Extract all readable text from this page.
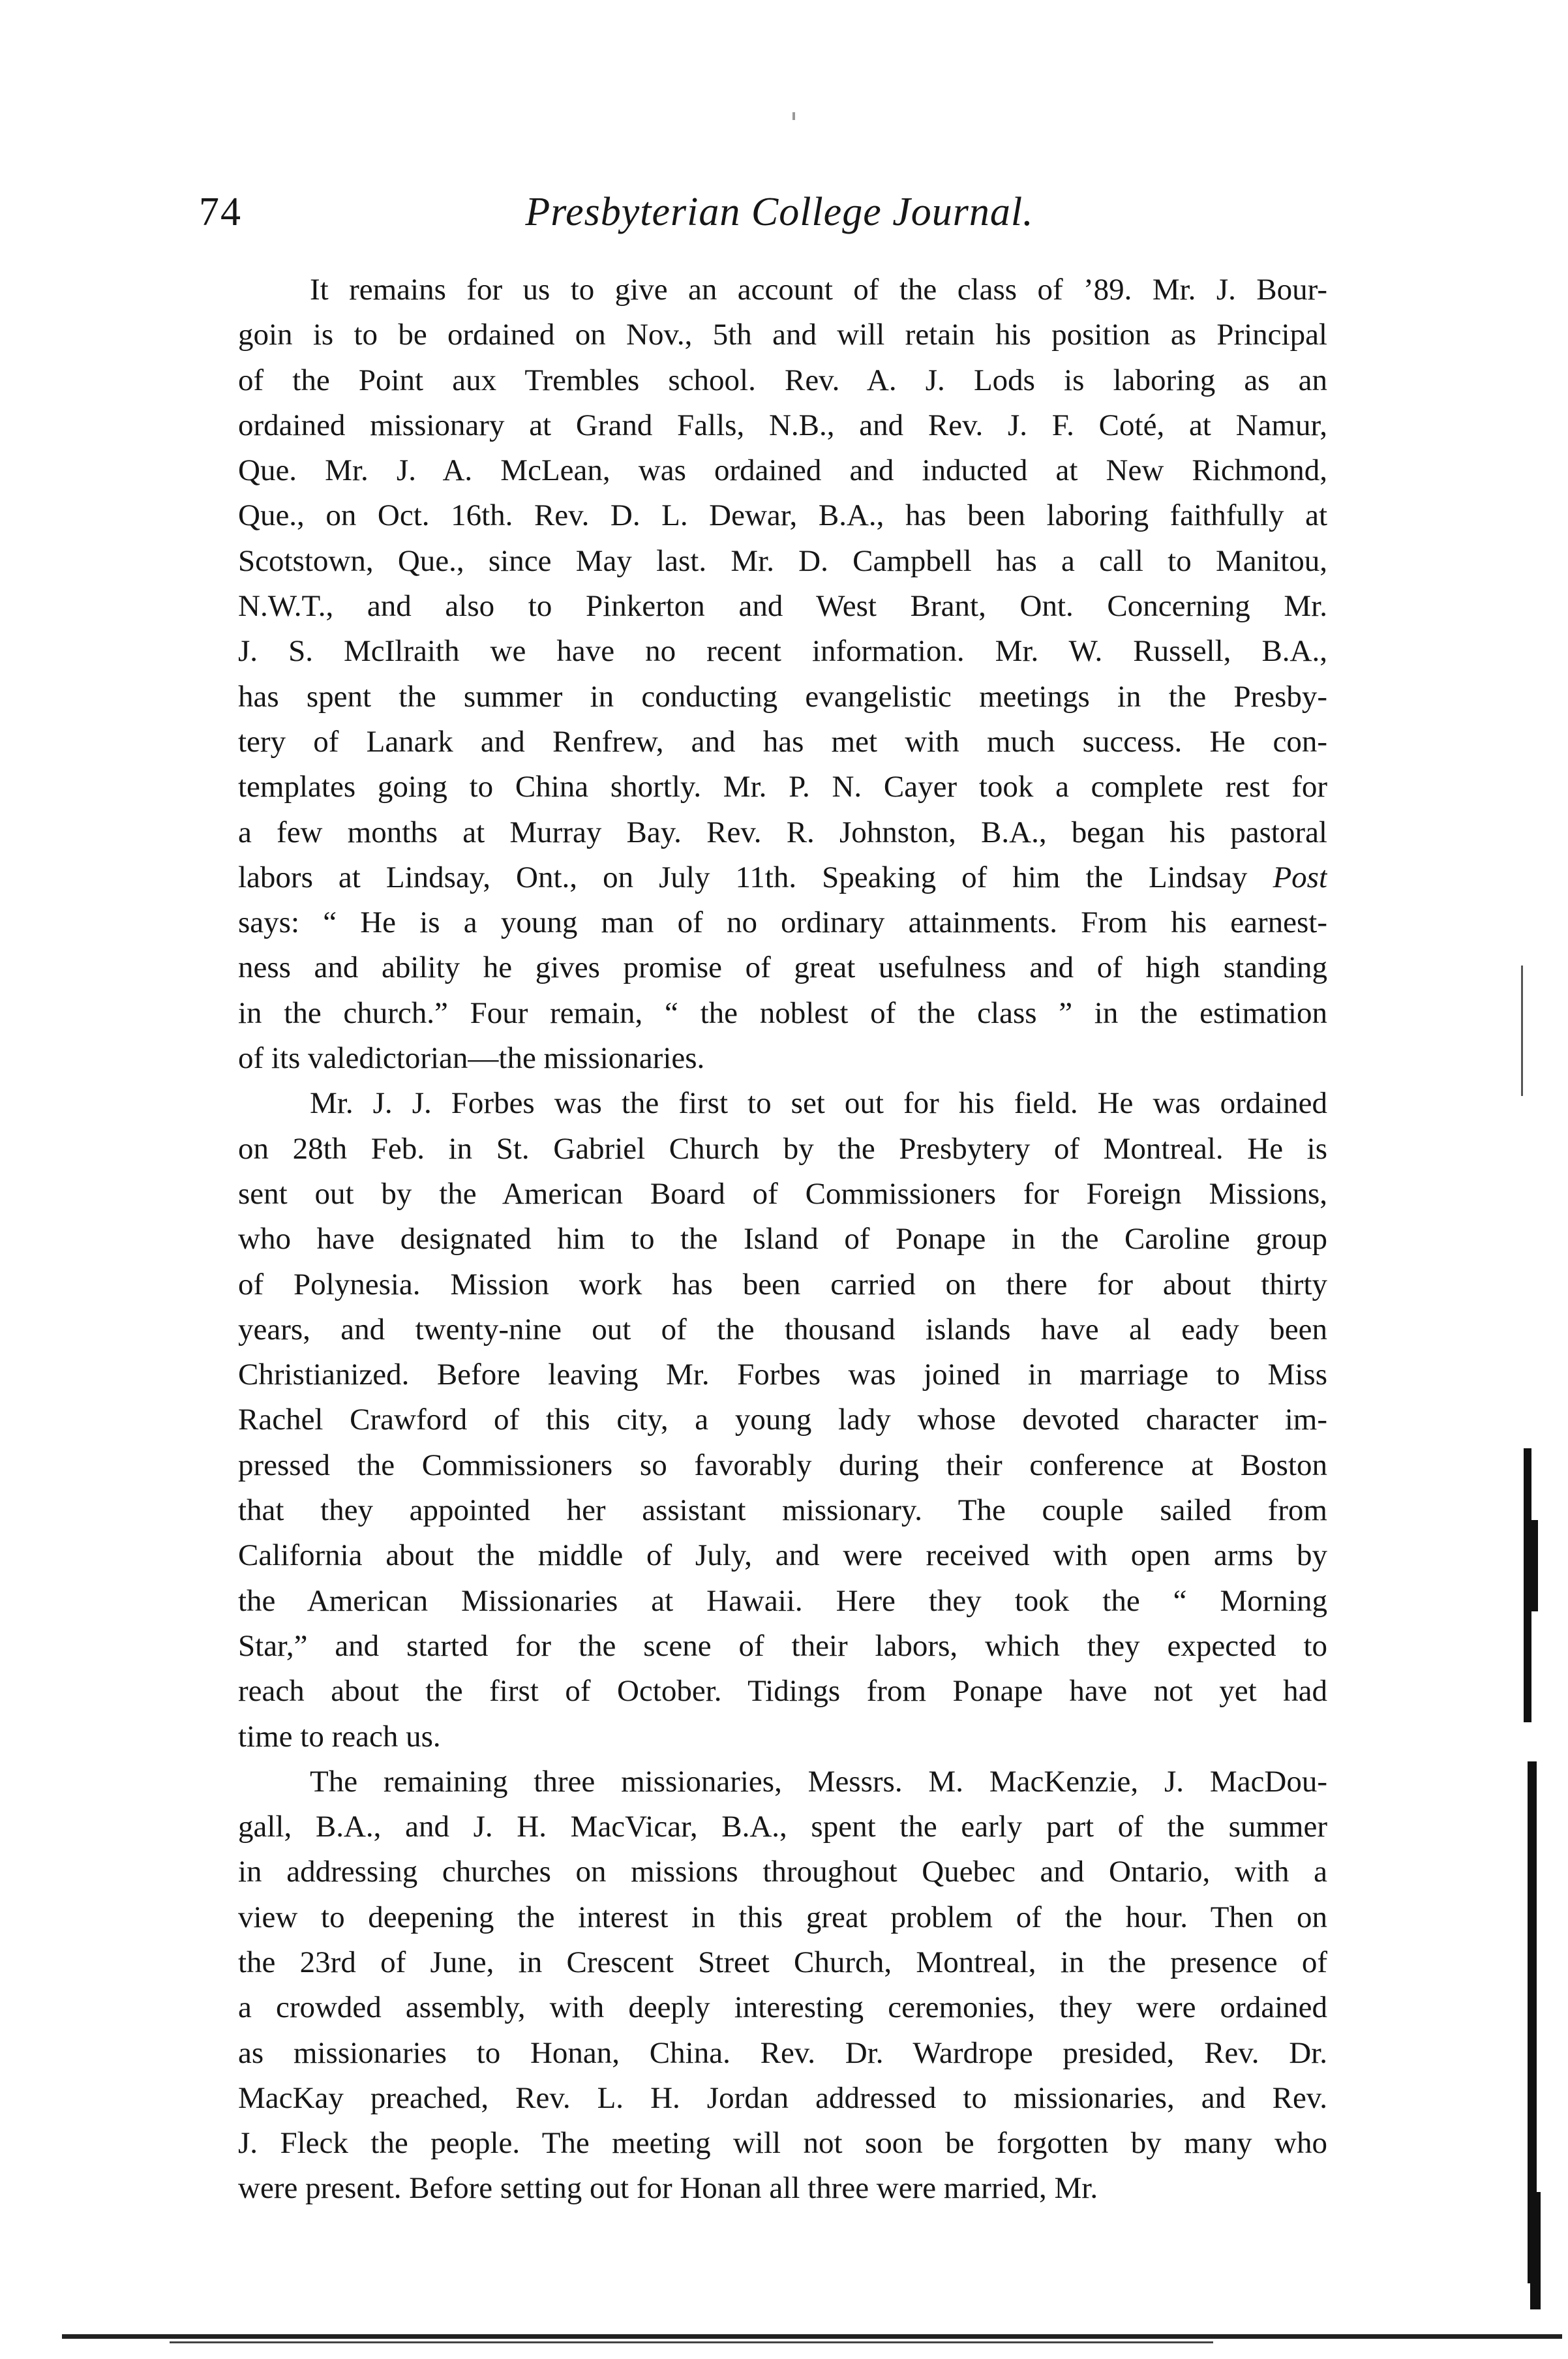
74	Presbyterian College Journal.
It remains for us to give an account of the class of ’89. Mr. J. Bour-
goin is to be ordained on Nov., 5th and will retain his position as Principal
of the Point aux Trembles school. Rev. A. J. Lods is laboring as an
ordained missionary at Grand Falls, N.B., and Rev. J. F. Coté, at Namur,
Que. Mr. J. A. McLean, was ordained and inducted at New Richmond,
Que., on Oct. 16th. Rev. D. L. Dewar, B.A., has been laboring faithfully at
Scotstown, Que., since May last. Mr. D. Campbell has a call to Manitou,
N.W.T., and also to Pinkerton and West Brant, Ont. Concerning Mr.
J. S. McIlraith we have no recent information. Mr. W. Russell, B.A.,
has spent the summer in conducting evangelistic meetings in the Presby-
tery of Lanark and Renfrew, and has met with much success. He con-
templates going to China shortly. Mr. P. N. Cayer took a complete rest for
a few months at Murray Bay. Rev. R. Johnston, B.A., began his pastoral
labors at Lindsay, Ont., on July 11th. Speaking of him the Lindsay Post
says: “ He is a young man of no ordinary attainments. From his earnest-
ness and ability he gives promise of great usefulness and of high standing
in the church.” Four remain, “ the noblest of the class ” in the estimation
of its valedictorian—the missionaries.
Mr. J. J. Forbes was the first to set out for his field. He was ordained
on 28th Feb. in St. Gabriel Church by the Presbytery of Montreal. He is
sent out by the American Board of Commissioners for Foreign Missions,
who have designated him to the Island of Ponape in the Caroline group
of Polynesia. Mission work has been carried on there for about thirty
years, and twenty-nine out of the thousand islands have al eady been
Christianized. Before leaving Mr. Forbes was joined in marriage to Miss
Rachel Crawford of this city, a young lady whose devoted character im-
pressed the Commissioners so favorably during their conference at Boston
that they appointed her assistant missionary. The couple sailed from
California about the middle of July, and were received with open arms by
the American Missionaries at Hawaii. Here they took the “ Morning
Star,” and started for the scene of their labors, which they expected to
reach about the first of October. Tidings from Ponape have not yet had
time to reach us.
The remaining three missionaries, Messrs. M. MacKenzie, J. MacDou-
gall, B.A., and J. H. MacVicar, B.A., spent the early part of the summer
in addressing churches on missions throughout Quebec and Ontario, with a
view to deepening the interest in this great problem of the hour. Then on
the 23rd of June, in Crescent Street Church, Montreal, in the presence of
a crowded assembly, with deeply interesting ceremonies, they were ordained
as missionaries to Honan, China. Rev. Dr. Wardrope presided, Rev. Dr.
MacKay preached, Rev. L. H. Jordan addressed to missionaries, and Rev.
J. Fleck the people. The meeting will not soon be forgotten by many who
were present. Before setting out for Honan all three were married, Mr.
